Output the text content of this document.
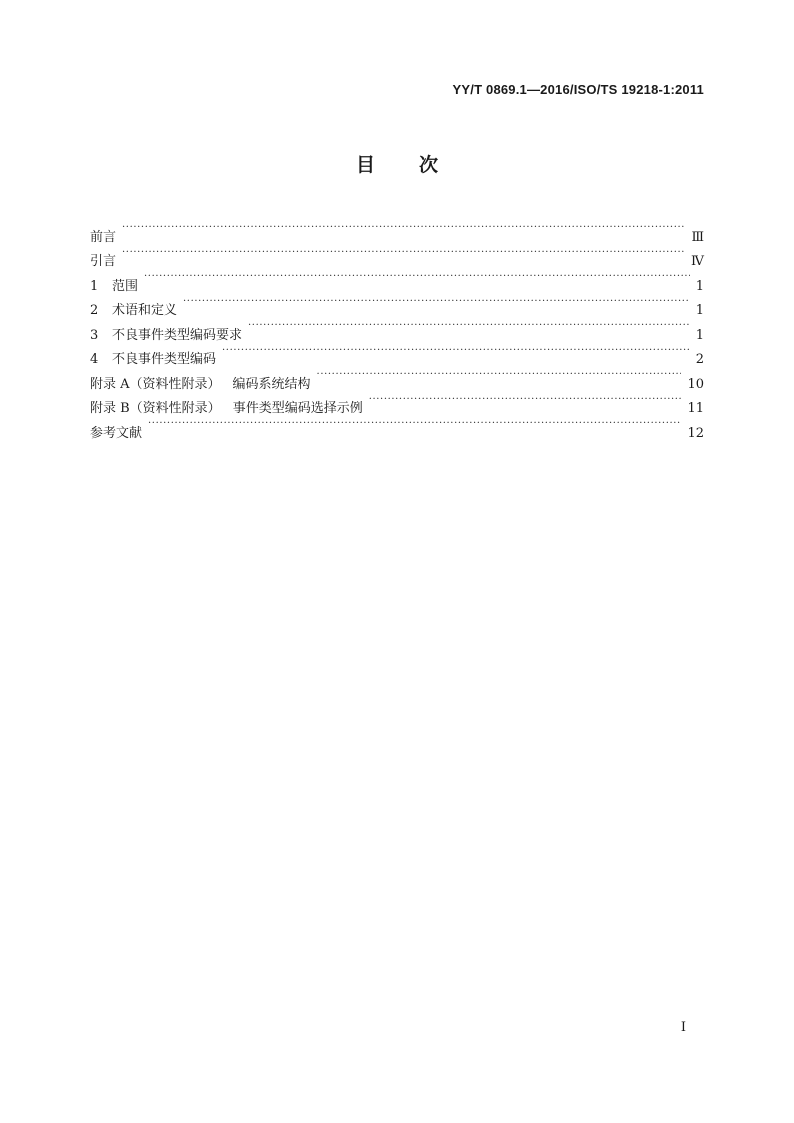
YY/T 0869.1—2016/ISO/TS 19218-1:2011
目 次
前言 ·····	Ⅲ
引言 ·····	Ⅳ
1	范围 ·····	1
2	术语和定义 ·····	1
3	不良事件类型编码要求 ·····	1
4	不良事件类型编码 ·····	2
附录 A（资料性附录） 编码系统结构 ·····	10
附录 B（资料性附录） 事件类型编码选择示例 ·····	11
参考文献 ·····	12
I
